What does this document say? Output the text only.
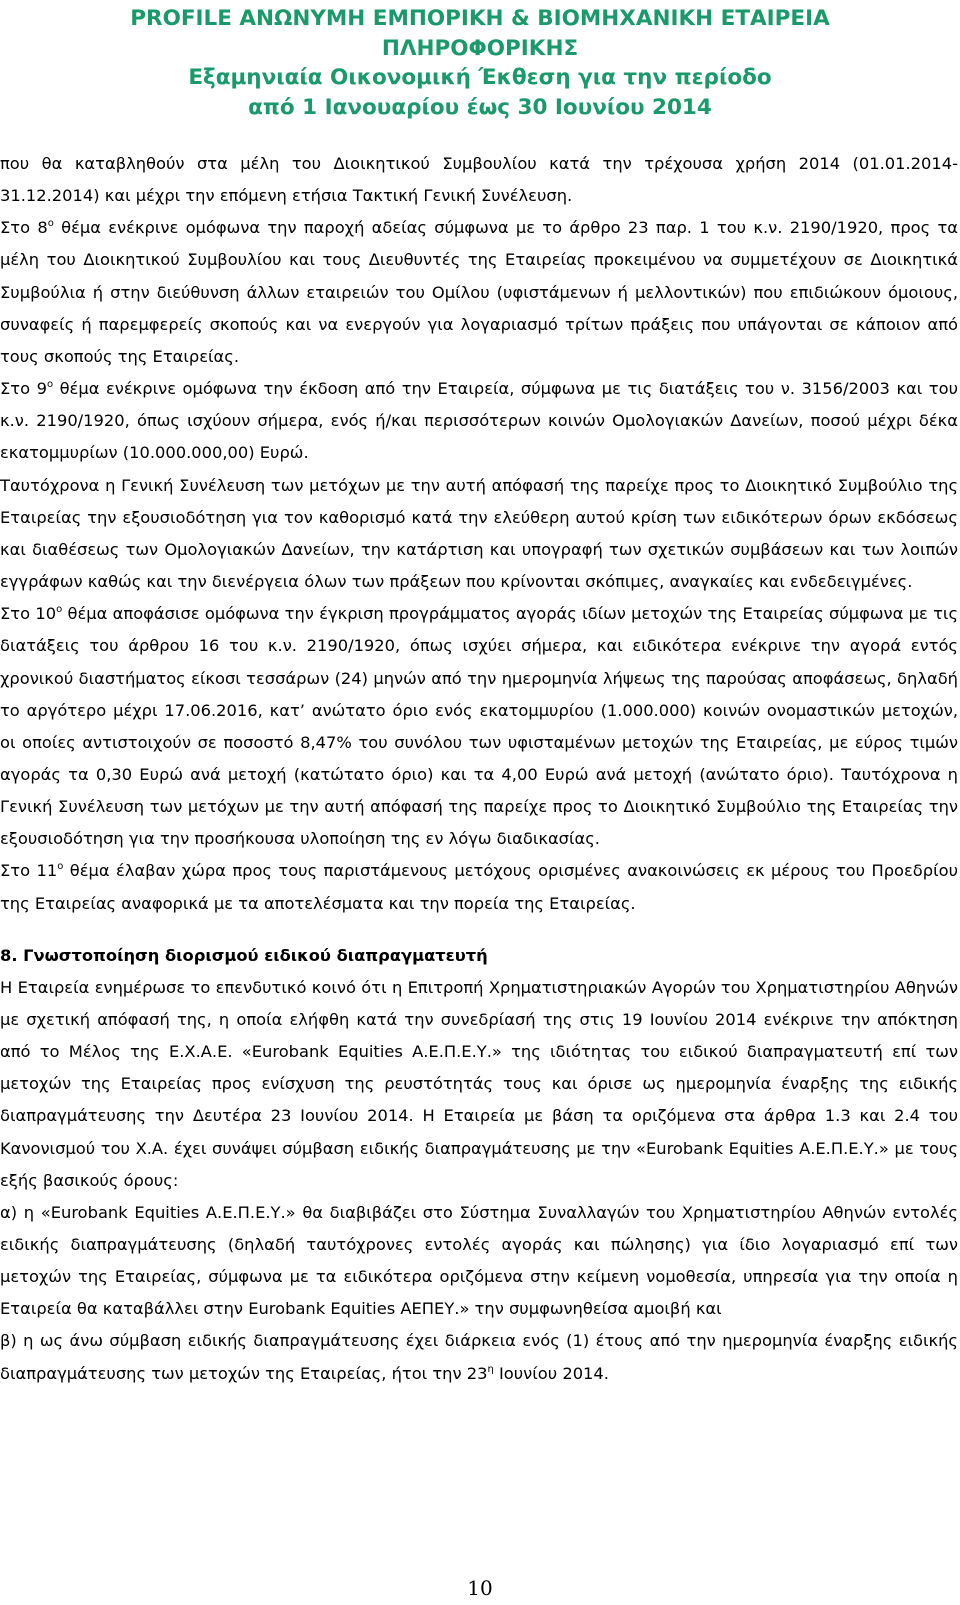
PROFILE ΑΝΩΝΥΜΗ ΕΜΠΟΡΙΚΗ & ΒΙΟΜΗΧΑΝΙΚΗ ΕΤΑΙΡΕΙΑ
ΠΛΗΡΟΦΟΡΙΚΗΣ
Εξαμηνιαία Οικονομική Έκθεση για την περίοδο
από 1 Ιανουαρίου έως 30 Ιουνίου 2014

που θα καταβληθούν στα μέλη του Διοικητικού Συμβουλίου κατά την τρέχουσα χρήση 2014 (01.01.2014-31.12.2014) και μέχρι την επόμενη ετήσια Τακτική Γενική Συνέλευση.

Στο $8^o$ θέμα ενέκρινε ομόφωνα την παροχή αδείας σύμφωνα με το άρθρο 23 παρ. 1 του κ.ν. 2190/1920, προς τα μέλη του Διοικητικού Συμβουλίου και τους Διευθυντές της Εταιρείας προκειμένου να συμμετέχουν σε Διοικητικά Συμβούλια ή στην διεύθυνση άλλων εταιρειών του Ομίλου (υφιστάμενων ή μελλοντικών) που επιδιώκουν όμοιους, συναφείς ή παρεμφερείς σκοπούς και να ενεργούν για λογαριασμό τρίτων πράξεις που υπάγονται σε κάποιον από τους σκοπούς της Εταιρείας.

Στο $9^o$ θέμα ενέκρινε ομόφωνα την έκδοση από την Εταιρεία, σύμφωνα με τις διατάξεις του ν. 3156/2003 και του κ.ν. 2190/1920, όπως ισχύουν σήμερα, ενός ή/και περισσότερων κοινών Ομολογιακών Δανείων, ποσού μέχρι δέκα εκατομμυρίων (10.000.000,00) Ευρώ.

Ταυτόχρονα η Γενική Συνέλευση των μετόχων με την αυτή απόφασή της παρείχε προς το Διοικητικό Συμβούλιο της Εταιρείας την εξουσιοδότηση για τον καθορισμό κατά την ελεύθερη αυτού κρίση των ειδικότερων όρων εκδόσεως και διαθέσεως των Ομολογιακών Δανείων, την κατάρτιση και υπογραφή των σχετικών συμβάσεων και των λοιπών εγγράφων καθώς και την διενέργεια όλων των πράξεων που κρίνονται σκόπιμες, αναγκαίες και ενδεδειγμένες.

Στο $10^o$ θέμα αποφάσισε ομόφωνα την έγκριση προγράμματος αγοράς ιδίων μετοχών της Εταιρείας σύμφωνα με τις διατάξεις του άρθρου 16 του κ.ν. 2190/1920, όπως ισχύει σήμερα, και ειδικότερα ενέκρινε την αγορά εντός χρονικού διαστήματος είκοσι τεσσάρων (24) μηνών από την ημερομηνία λήψεως της παρούσας αποφάσεως, δηλαδή το αργότερο μέχρι 17.06.2016, κατ’ ανώτατο όριο ενός εκατομμυρίου (1.000.000) κοινών ονομαστικών μετοχών, οι οποίες αντιστοιχούν σε ποσοστό 8,47% του συνόλου των υφισταμένων μετοχών της Εταιρείας, με εύρος τιμών αγοράς τα 0,30 Ευρώ ανά μετοχή (κατώτατο όριο) και τα 4,00 Ευρώ ανά μετοχή (ανώτατο όριο). Ταυτόχρονα η Γενική Συνέλευση των μετόχων με την αυτή απόφασή της παρείχε προς το Διοικητικό Συμβούλιο της Εταιρείας την εξουσιοδότηση για την προσήκουσα υλοποίηση της εν λόγω διαδικασίας.

Στο $11^o$ θέμα έλαβαν χώρα προς τους παριστάμενους μετόχους ορισμένες ανακοινώσεις εκ μέρους του Προεδρίου της Εταιρείας αναφορικά με τα αποτελέσματα και την πορεία της Εταιρείας.

8. Γνωστοποίηση διορισμού ειδικού διαπραγματευτή

Η Εταιρεία ενημέρωσε το επενδυτικό κοινό ότι η Επιτροπή Χρηματιστηριακών Αγορών του Χρηματιστηρίου Αθηνών με σχετική απόφασή της, η οποία ελήφθη κατά την συνεδρίασή της στις 19 Ιουνίου 2014 ενέκρινε την απόκτηση από το Μέλος της Ε.Χ.Α.Ε. «Eurobank Equities Α.Ε.Π.Ε.Υ.» της ιδιότητας του ειδικού διαπραγματευτή επί των μετοχών της Εταιρείας προς ενίσχυση της ρευστότητάς τους και όρισε ως ημερομηνία έναρξης της ειδικής διαπραγμάτευσης την Δευτέρα 23 Ιουνίου 2014. Η Εταιρεία με βάση τα οριζόμενα στα άρθρα 1.3 και 2.4 του Κανονισμού του Χ.Α. έχει συνάψει σύμβαση ειδικής διαπραγμάτευσης με την «Eurobank Equities Α.Ε.Π.Ε.Υ.» με τους εξής βασικούς όρους:

α) η «Eurobank Equities Α.Ε.Π.Ε.Υ.» θα διαβιβάζει στο Σύστημα Συναλλαγών του Χρηματιστηρίου Αθηνών εντολές ειδικής διαπραγμάτευσης (δηλαδή ταυτόχρονες εντολές αγοράς και πώλησης) για ίδιο λογαριασμό επί των μετοχών της Εταιρείας, σύμφωνα με τα ειδικότερα οριζόμενα στην κείμενη νομοθεσία, υπηρεσία για την οποία η Εταιρεία θα καταβάλλει στην Eurobank Equities ΑΕΠΕΥ.» την συμφωνηθείσα αμοιβή και

β) η ως άνω σύμβαση ειδικής διαπραγμάτευσης έχει διάρκεια ενός (1) έτους από την ημερομηνία έναρξης ειδικής διαπραγμάτευσης των μετοχών της Εταιρείας, ήτοι την $23^\eta$ Ιουνίου 2014.

10
